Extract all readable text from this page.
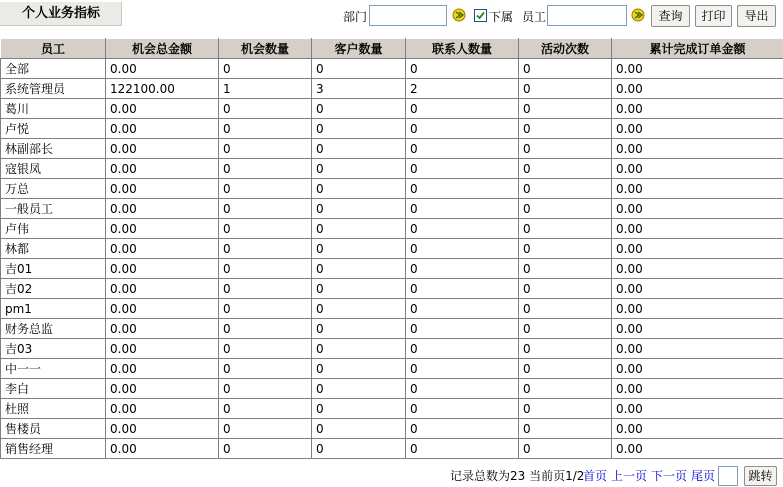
个人业务指标	部门	下属 员工	查询	打印	导出
员工	机会总金额	机会数量	客户数量	联系人数量	活动次数	累计完成订单金额
全部	0.00	0	0	0	0	0.00
系统管理员	122100.00	1	3	2	0	0.00
葛川	0.00	0	0	0	0	0.00
卢悦	0.00	0	0	0	0	0.00
林副部长	0.00	0	0	0	0	0.00
寇银凤	0.00	0	0	0	0	0.00
万总	0.00	0	0	0	0	0.00
一般员工	0.00	0	0	0	0	0.00
卢伟	0.00	0	0	0	0	0.00
林都	0.00	0	0	0	0	0.00
吉01	0.00	0	0	0	0	0.00
吉02	0.00	0	0	0	0	0.00
pm1	0.00	0	0	0	0	0.00
财务总监	0.00	0	0	0	0	0.00
吉03	0.00	0	0	0	0	0.00
中一一	0.00	0	0	0	0	0.00
李白	0.00	0	0	0	0	0.00
杜照	0.00	0	0	0	0	0.00
售楼员	0.00	0	0	0	0	0.00
销售经理	0.00	0	0	0	0	0.00
记录总数为23 当前页1/2
首页 上一页 下一页 尾页	跳转
